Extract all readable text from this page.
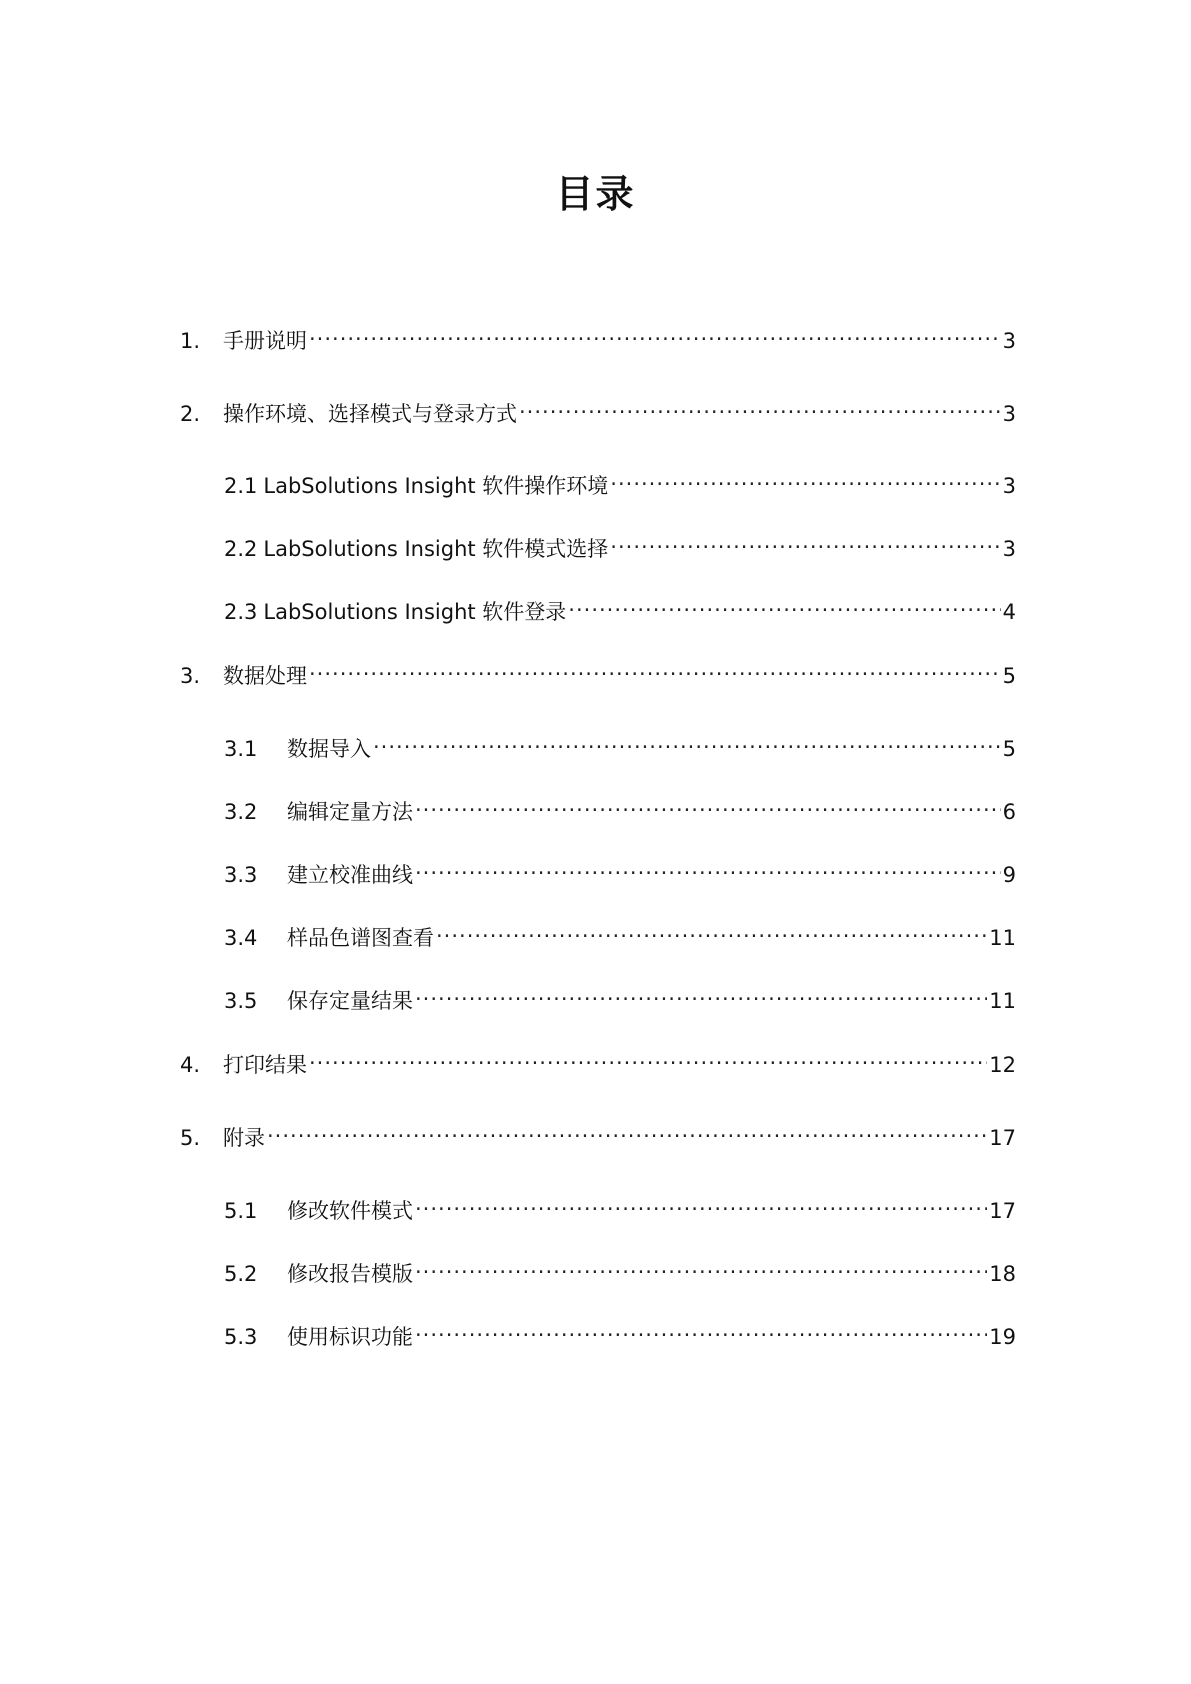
目录
1.	手册说明 .....	3
2.	操作环境、选择模式与登录方式 .....	3
2.1 LabSolutions Insight 软件操作环境 .....	3
2.2 LabSolutions Insight 软件模式选择 .....	3
2.3 LabSolutions Insight 软件登录 .....	4
3.	数据处理 .....	5
3.1	数据导入 .....	5
3.2	编辑定量方法 .....	6
3.3	建立校准曲线 .....	9
3.4	样品色谱图查看 .....	11
3.5	保存定量结果 .....	11
4.	打印结果 .....	12
5.	附录 .....	17
5.1	修改软件模式 .....	17
5.2	修改报告模版 .....	18
5.3	使用标识功能 .....	19
